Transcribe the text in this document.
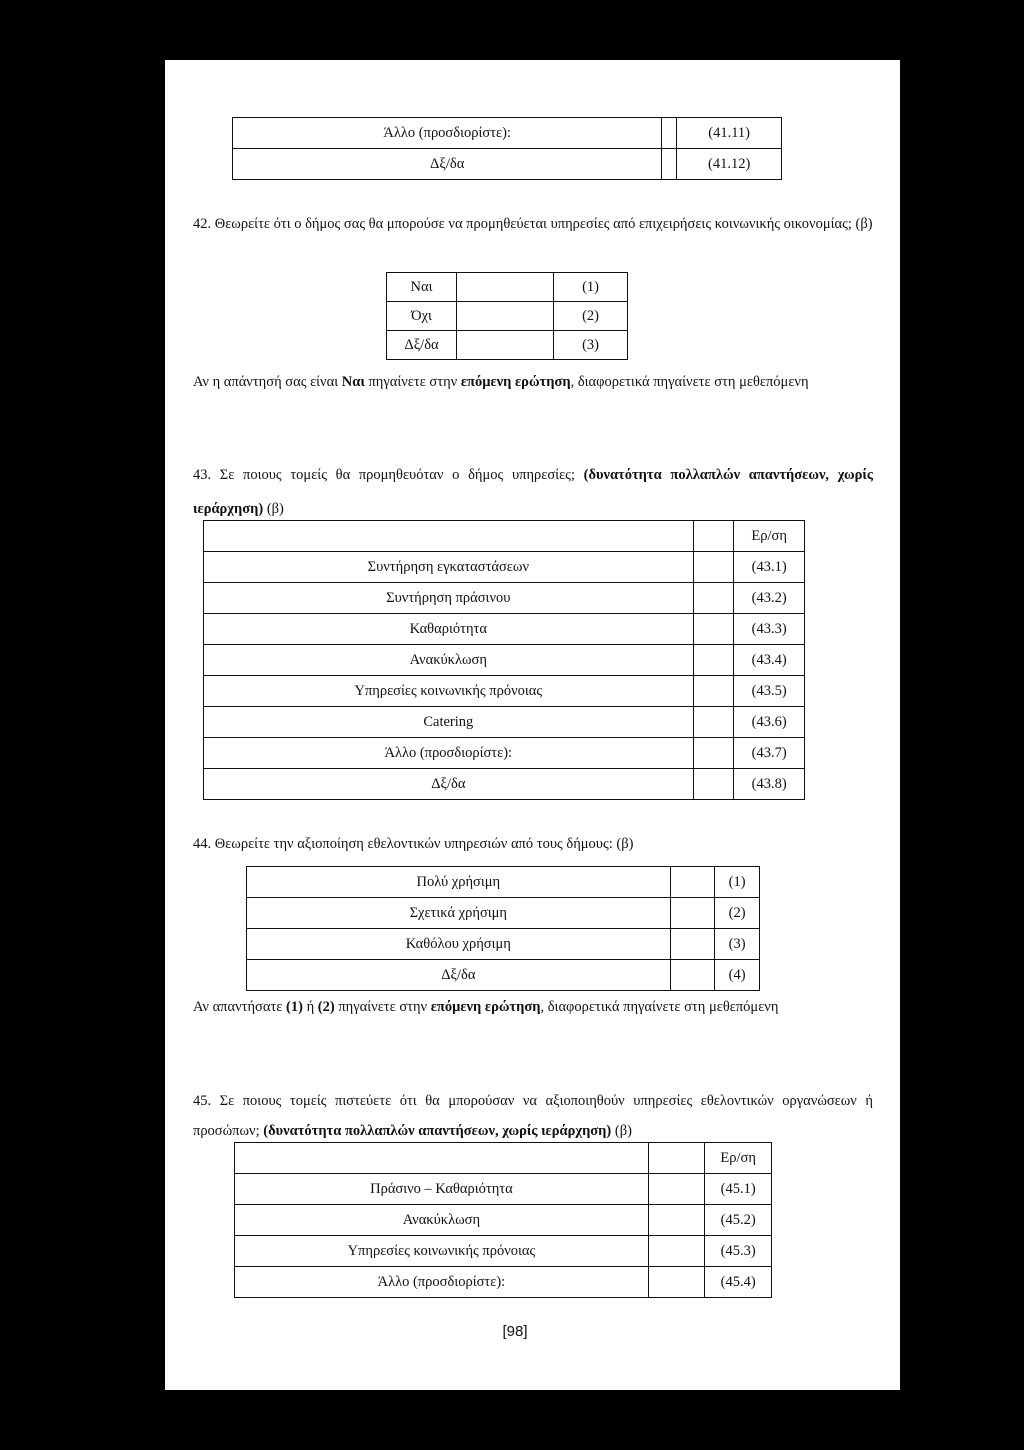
Άλλο (προσδιορίστε):		(41.11)
Δξ/δα		(41.12)
42. Θεωρείτε ότι ο δήμος σας θα μπορούσε να προμηθεύεται υπηρεσίες από επιχειρήσεις κοινωνικής οικονομίας; (β)
Ναι		(1)
Όχι		(2)
Δξ/δα		(3)
Αν η απάντησή σας είναι Ναι πηγαίνετε στην επόμενη ερώτηση, διαφορετικά πηγαίνετε στη μεθεπόμενη
43. Σε ποιους τομείς θα προμηθευόταν ο δήμος υπηρεσίες; (δυνατότητα πολλαπλών απαντήσεων, χωρίς ιεράρχηση) (β)
		Ερ/ση
Συντήρηση εγκαταστάσεων		(43.1)
Συντήρηση πράσινου		(43.2)
Καθαριότητα		(43.3)
Ανακύκλωση		(43.4)
Υπηρεσίες κοινωνικής πρόνοιας		(43.5)
Catering		(43.6)
Άλλο (προσδιορίστε):		(43.7)
Δξ/δα		(43.8)
44. Θεωρείτε την αξιοποίηση εθελοντικών υπηρεσιών από τους δήμους: (β)
Πολύ χρήσιμη		(1)
Σχετικά χρήσιμη		(2)
Καθόλου χρήσιμη		(3)
Δξ/δα		(4)
Αν απαντήσατε (1) ή (2) πηγαίνετε στην επόμενη ερώτηση, διαφορετικά πηγαίνετε στη μεθεπόμενη
45. Σε ποιους τομείς πιστεύετε ότι θα μπορούσαν να αξιοποιηθούν υπηρεσίες εθελοντικών οργανώσεων ή προσώπων; (δυνατότητα πολλαπλών απαντήσεων, χωρίς ιεράρχηση) (β)
		Ερ/ση
Πράσινο – Καθαριότητα		(45.1)
Ανακύκλωση		(45.2)
Υπηρεσίες κοινωνικής πρόνοιας		(45.3)
Άλλο (προσδιορίστε):		(45.4)
[98]
